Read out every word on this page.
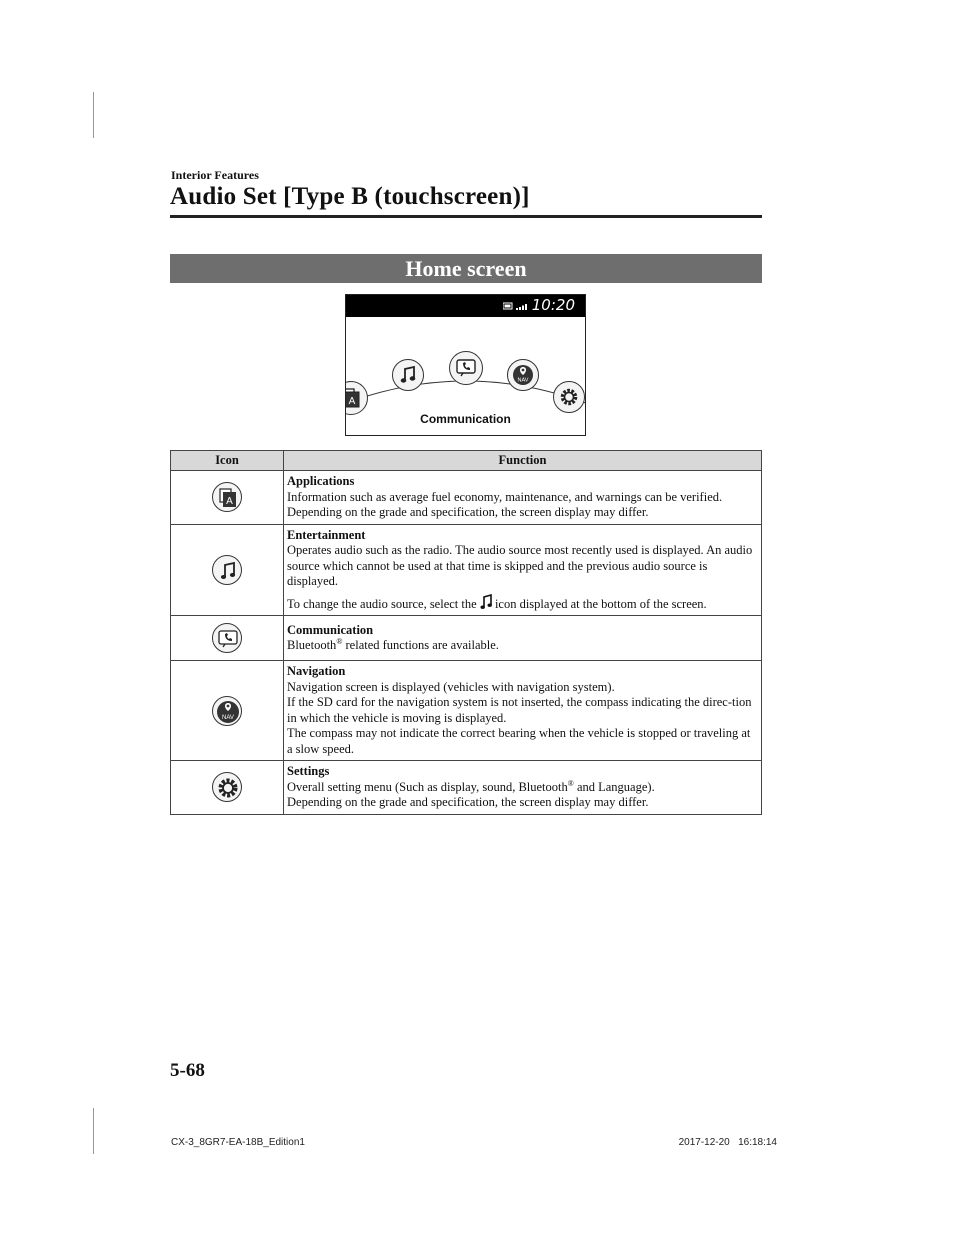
Interior Features
Audio Set [Type B (touchscreen)]
Home screen
10:20
A
NAV
Communication
Icon	Function

A	Applications
Information such as average fuel economy, maintenance, and warnings can be verified.
Depending on the grade and specification, the screen display may differ.

Entertainment
Operates audio such as the radio. The audio source most recently used is displayed. An audio source which cannot be used at that time is skipped and the previous audio source is displayed.
To change the audio source, select the icon displayed at the bottom of the screen.

Communication
Bluetooth® related functions are available.

NAV	Navigation
Navigation screen is displayed (vehicles with navigation system).
If the SD card for the navigation system is not inserted, the compass indicating the direc-tion in which the vehicle is moving is displayed.
The compass may not indicate the correct bearing when the vehicle is stopped or traveling at a slow speed.

Settings
Overall setting menu (Such as display, sound, Bluetooth® and Language).
Depending on the grade and specification, the screen display may differ.
5-68
CX-3_8GR7-EA-18B_Edition1	2017-12-20   16:18:14
